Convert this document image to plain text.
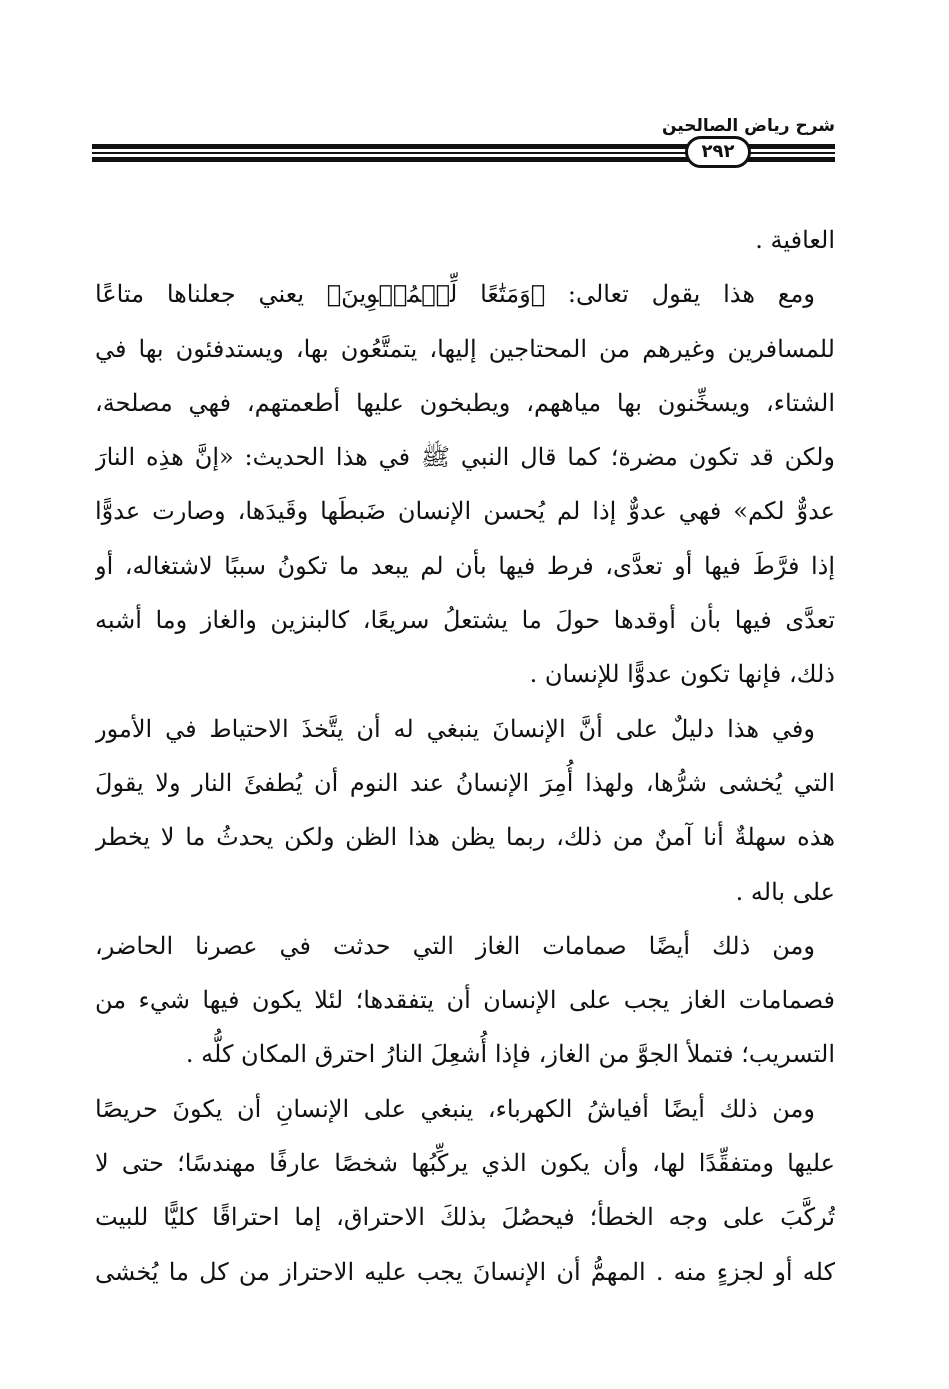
شرح رياض الصالحين
٢٩٢
العافية .
ومع هذا يقول تعالى: ﴿وَمَتَٰعًا لِّلۡمُقۡوِينَ﴾ يعني جعلناها متاعًا
للمسافرين وغيرهم من المحتاجين إليها، يتمتَّعُون بها، ويستدفئون بها في
الشتاء، ويسخِّنون بها مياههم، ويطبخون عليها أطعمتهم، فهي مصلحة،
ولكن قد تكون مضرة؛ كما قال النبي ﷺ في هذا الحديث: «إنَّ هذِه النارَ
عدوٌّ لكم» فهي عدوٌّ إذا لم يُحسن الإنسان ضَبطَها وقَيدَها، وصارت عدوًّا
إذا فرَّطَ فيها أو تعدَّى، فرط فيها بأن لم يبعد ما تكونُ سببًا لاشتغاله، أو
تعدَّى فيها بأن أوقدها حولَ ما يشتعلُ سريعًا، كالبنزين والغاز وما أشبه
ذلك، فإنها تكون عدوًّا للإنسان .
وفي هذا دليلٌ على أنَّ الإنسانَ ينبغي له أن يتَّخذَ الاحتياط في الأمور
التي يُخشى شرُّها، ولهذا أُمِرَ الإنسانُ عند النوم أن يُطفئَ النار ولا يقولَ
هذه سهلةٌ أنا آمنٌ من ذلك، ربما يظن هذا الظن ولكن يحدثُ ما لا يخطر
على باله .
ومن ذلك أيضًا صمامات الغاز التي حدثت في عصرنا الحاضر،
فصمامات الغاز يجب على الإنسان أن يتفقدها؛ لئلا يكون فيها شيء من
التسريب؛ فتملأ الجوَّ من الغاز، فإذا أُشعِلَ النارُ احترق المكان كلُّه .
ومن ذلك أيضًا أفياشُ الكهرباء، ينبغي على الإنسانِ أن يكونَ حريصًا
عليها ومتفقِّدًا لها، وأن يكون الذي يركِّبُها شخصًا عارفًا مهندسًا؛ حتى لا
تُركَّبَ على وجه الخطأ؛ فيحصُلَ بذلكَ الاحتراق، إما احتراقًا كليًّا للبيت
كله أو لجزءٍ منه . المهمُّ أن الإنسانَ يجب عليه الاحتراز من كل ما يُخشى
